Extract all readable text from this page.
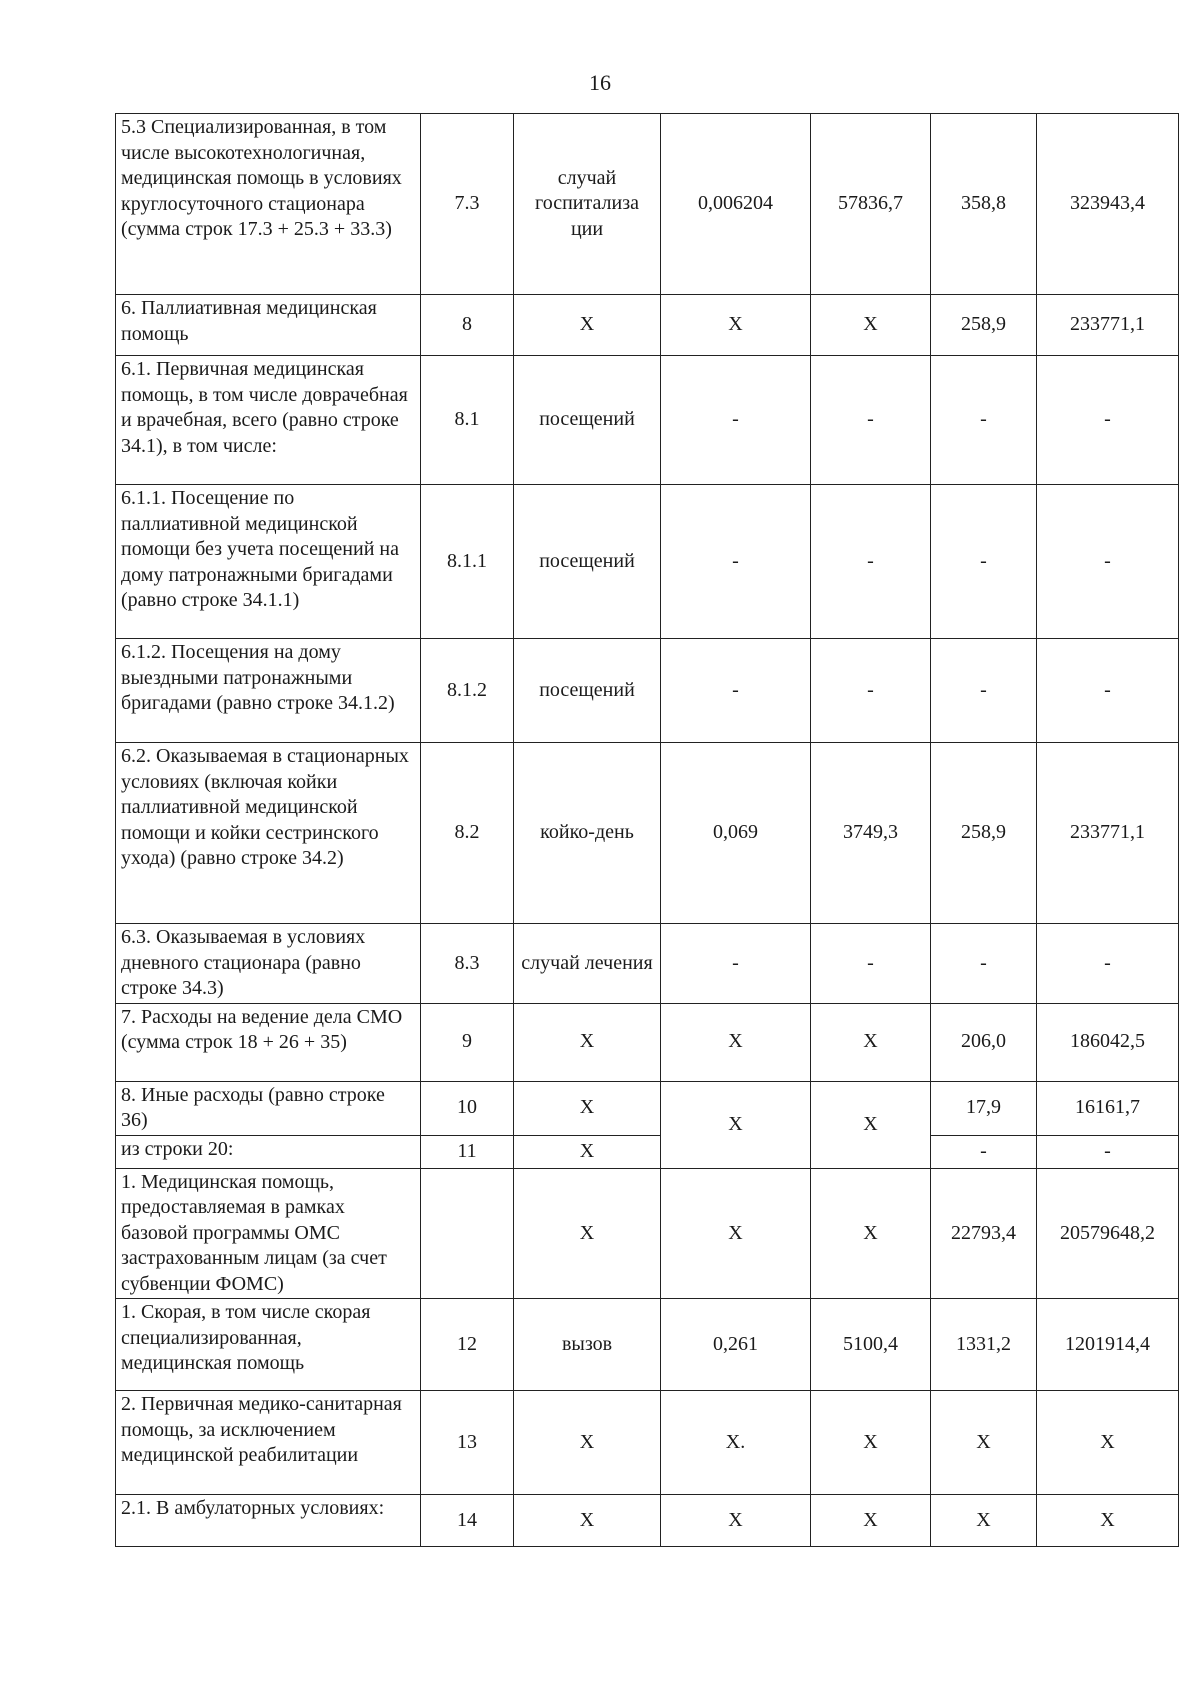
16
5.3 Специализированная, в том числе высокотехнологичная, медицинская помощь в условиях круглосуточного стационара (сумма строк 17.3 + 25.3 + 33.3)	7.3	случай госпитализа ции	0,006204	57836,7	358,8	323943,4
6. Паллиативная медицинская помощь	8	Х	Х	Х	258,9	233771,1
6.1. Первичная медицинская помощь, в том числе доврачебная и врачебная, всего (равно строке 34.1), в том числе:	8.1	посещений	-	-	-	-
6.1.1. Посещение по паллиативной медицинской помощи без учета посещений на дому патронажными бригадами (равно строке 34.1.1)	8.1.1	посещений	-	-	-	-
6.1.2. Посещения на дому выездными патронажными бригадами (равно строке 34.1.2)	8.1.2	посещений	-	-	-	-
6.2. Оказываемая в стационарных условиях (включая койки паллиативной медицинской помощи и койки сестринского ухода) (равно строке 34.2)	8.2	койко-день	0,069	3749,3	258,9	233771,1
6.3. Оказываемая в условиях дневного стационара (равно строке 34.3)	8.3	случай лечения	-	-	-	-
7. Расходы на ведение дела СМО (сумма строк 18 + 26 + 35)	9	Х	Х	Х	206,0	186042,5
8. Иные расходы (равно строке 36)	10	Х	Х	Х	17,9	16161,7
из строки 20:	11	Х			-	-
1. Медицинская помощь, предоставляемая в рамках базовой программы ОМС застрахованным лицам (за счет субвенции ФОМС)		Х	Х	Х	22793,4	20579648,2
1. Скорая, в том числе скорая специализированная, медицинская помощь	12	вызов	0,261	5100,4	1331,2	1201914,4
2. Первичная медико-санитарная помощь, за исключением медицинской реабилитации	13	Х	Х.	Х	Х	Х
2.1. В амбулаторных условиях:	14	Х	Х	Х	Х	Х
